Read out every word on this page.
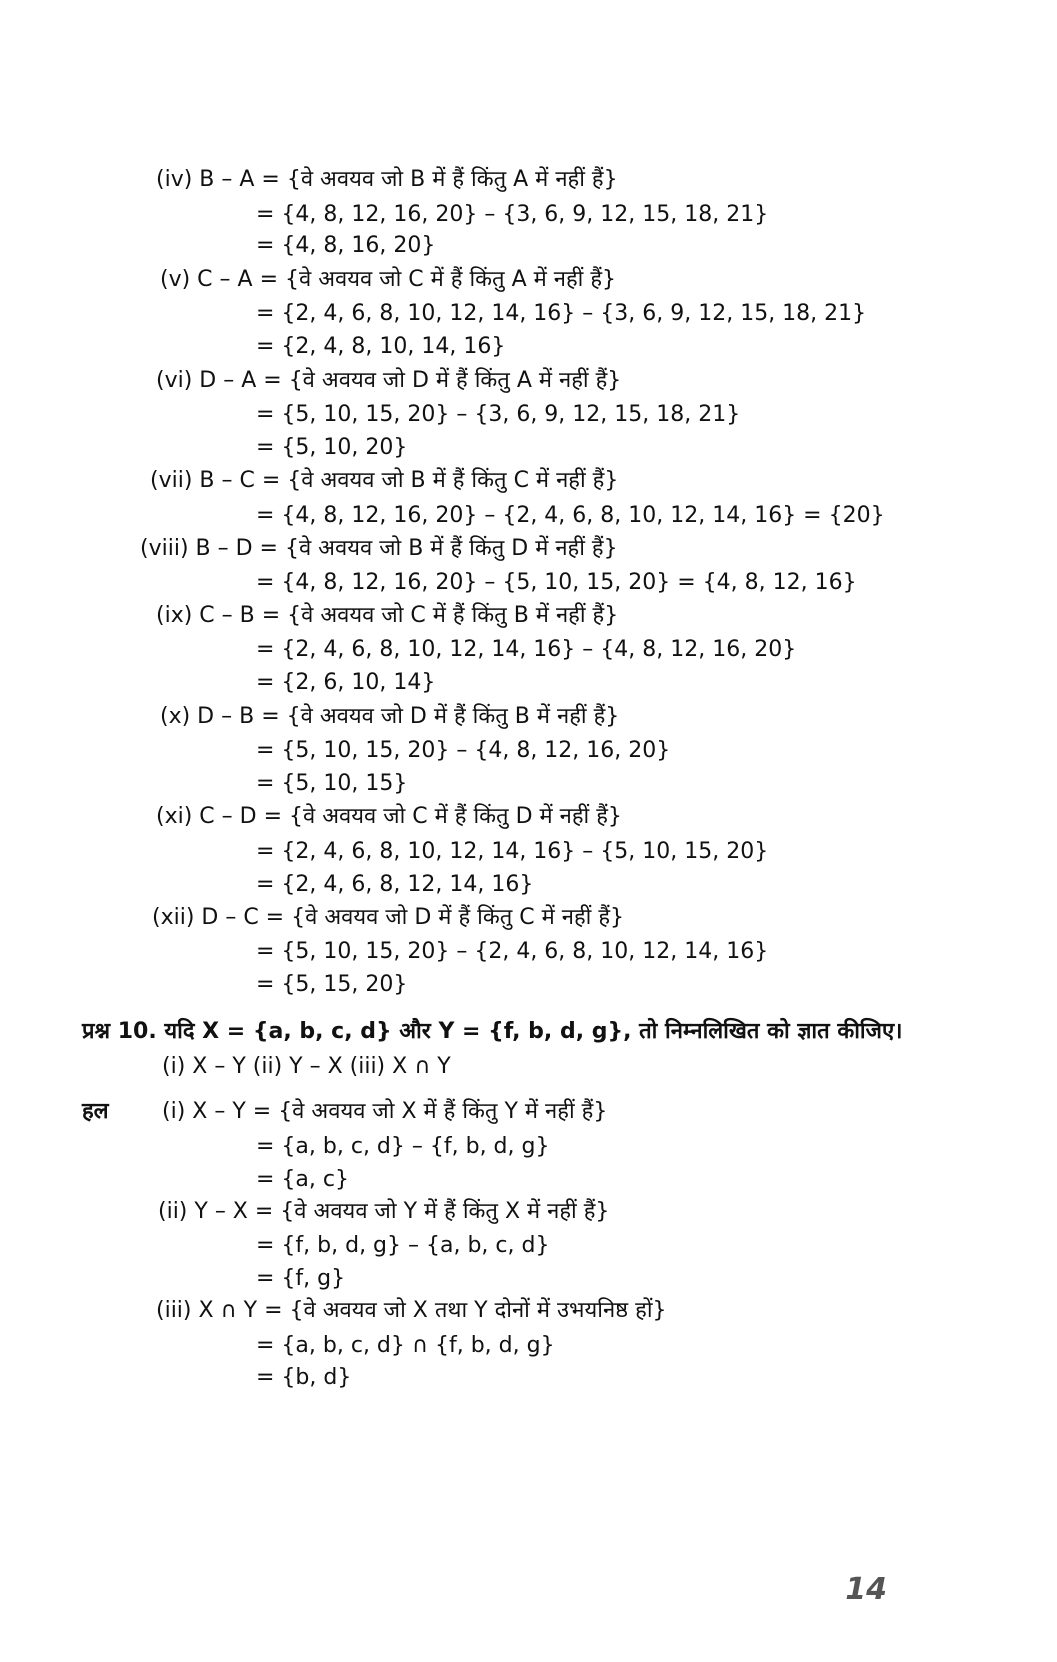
(iv) B – A = {वे अवयव जो B में हैं किंतु A में नहीं हैं}
= {4, 8, 12, 16, 20} – {3, 6, 9, 12, 15, 18, 21}
= {4, 8, 16, 20}
(v) C – A = {वे अवयव जो C में हैं किंतु A में नहीं हैं}
= {2, 4, 6, 8, 10, 12, 14, 16} – {3, 6, 9, 12, 15, 18, 21}
= {2, 4, 8, 10, 14, 16}
(vi) D – A = {वे अवयव जो D में हैं किंतु A में नहीं हैं}
= {5, 10, 15, 20} – {3, 6, 9, 12, 15, 18, 21}
= {5, 10, 20}
(vii) B – C = {वे अवयव जो B में हैं किंतु C में नहीं हैं}
= {4, 8, 12, 16, 20} – {2, 4, 6, 8, 10, 12, 14, 16} = {20}
(viii) B – D = {वे अवयव जो B में हैं किंतु D में नहीं हैं}
= {4, 8, 12, 16, 20} – {5, 10, 15, 20} = {4, 8, 12, 16}
(ix) C – B = {वे अवयव जो C में हैं किंतु B में नहीं हैं}
= {2, 4, 6, 8, 10, 12, 14, 16} – {4, 8, 12, 16, 20}
= {2, 6, 10, 14}
(x) D – B = {वे अवयव जो D में हैं किंतु B में नहीं हैं}
= {5, 10, 15, 20} – {4, 8, 12, 16, 20}
= {5, 10, 15}
(xi) C – D = {वे अवयव जो C में हैं किंतु D में नहीं हैं}
= {2, 4, 6, 8, 10, 12, 14, 16} – {5, 10, 15, 20}
= {2, 4, 6, 8, 12, 14, 16}
(xii) D – C = {वे अवयव जो D में हैं किंतु C में नहीं हैं}
= {5, 10, 15, 20} – {2, 4, 6, 8, 10, 12, 14, 16}
= {5, 15, 20}
प्रश्न 10. यदि X = {a, b, c, d} और Y = {f, b, d, g}, तो निम्नलिखित को ज्ञात कीजिए।
(i) X – Y (ii) Y – X (iii) X ∩ Y
हल (i) X – Y = {वे अवयव जो X में हैं किंतु Y में नहीं हैं}
= {a, b, c, d} – {f, b, d, g}
= {a, c}
(ii) Y – X = {वे अवयव जो Y में हैं किंतु X में नहीं हैं}
= {f, b, d, g} – {a, b, c, d}
= {f, g}
(iii) X ∩ Y = {वे अवयव जो X तथा Y दोनों में उभयनिष्ठ हों}
= {a, b, c, d} ∩ {f, b, d, g}
= {b, d}
14
